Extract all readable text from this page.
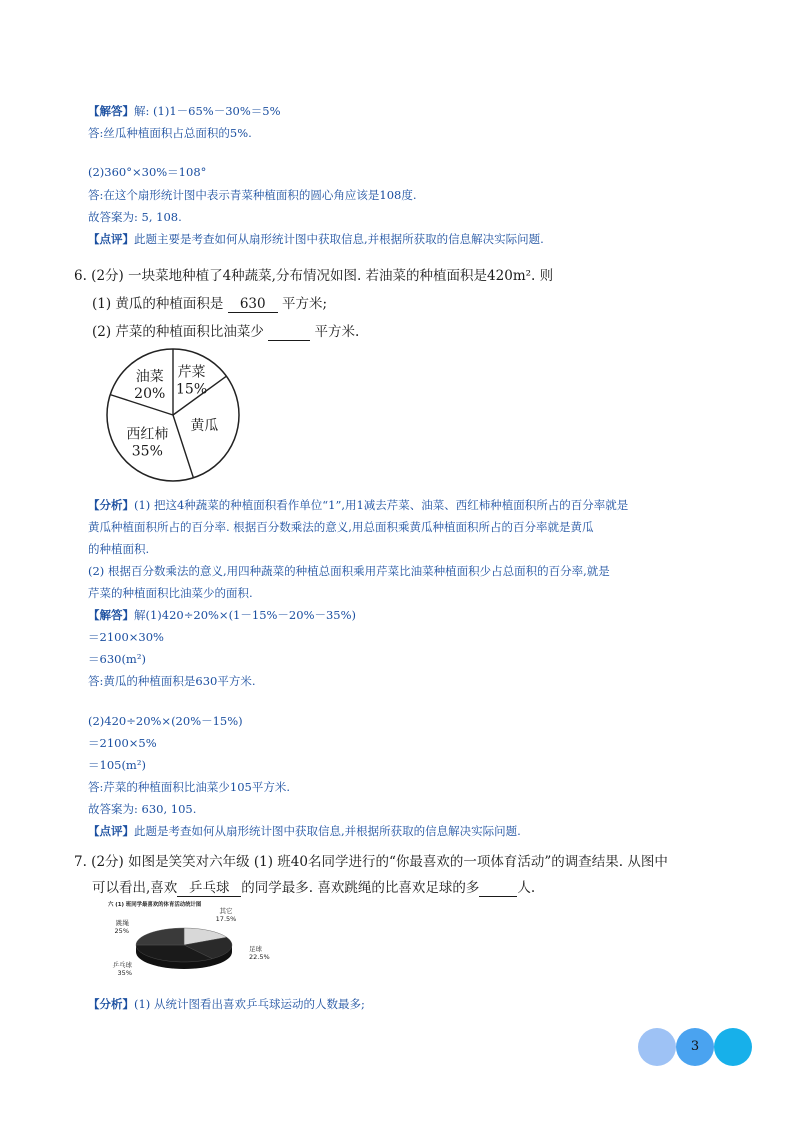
【解答】解: (1)1－65%－30%＝5%
答:丝瓜种植面积占总面积的5%.
(2)360°×30%＝108°
答:在这个扇形统计图中表示青菜种植面积的圆心角应该是108度.
故答案为: 5, 108.
【点评】此题主要是考查如何从扇形统计图中获取信息,并根据所获取的信息解决实际问题.
6. (2分) 一块菜地种植了4种蔬菜,分布情况如图. 若油菜的种植面积是420m². 则
(1) 黄瓜的种植面积是 630 平方米;
(2) 芹菜的种植面积比油菜少	平方米.
芹菜
15%
黄瓜
西红柿
35%
油菜
20%
【分析】(1) 把这4种蔬菜的种植面积看作单位“1”,用1减去芹菜、油菜、西红柿种植面积所占的百分率就是
黄瓜种植面积所占的百分率. 根据百分数乘法的意义,用总面积乘黄瓜种植面积所占的百分率就是黄瓜
的种植面积.
(2) 根据百分数乘法的意义,用四种蔬菜的种植总面积乘用芹菜比油菜种植面积少占总面积的百分率,就是
芹菜的种植面积比油菜少的面积.
【解答】解(1)420÷20%×(1－15%－20%－35%)
＝2100×30%
＝630(m²)
答:黄瓜的种植面积是630平方米.
(2)420÷20%×(20%－15%)
＝2100×5%
＝105(m²)
答:芹菜的种植面积比油菜少105平方米.
故答案为: 630, 105.
【点评】此题是考查如何从扇形统计图中获取信息,并根据所获取的信息解决实际问题.
7. (2分) 如图是笑笑对六年级 (1) 班40名同学进行的“你最喜欢的一项体育活动”的调查结果. 从图中
可以看出,喜欢 乒乓球 的同学最多. 喜欢跳绳的比喜欢足球的多	人.
六 (1) 班同学最喜欢的体育活动统计图
其它
17.5%
足球
22.5%
乒乓球
35%
跳绳
25%
【分析】(1) 从统计图看出喜欢乒乓球运动的人数最多;
3
